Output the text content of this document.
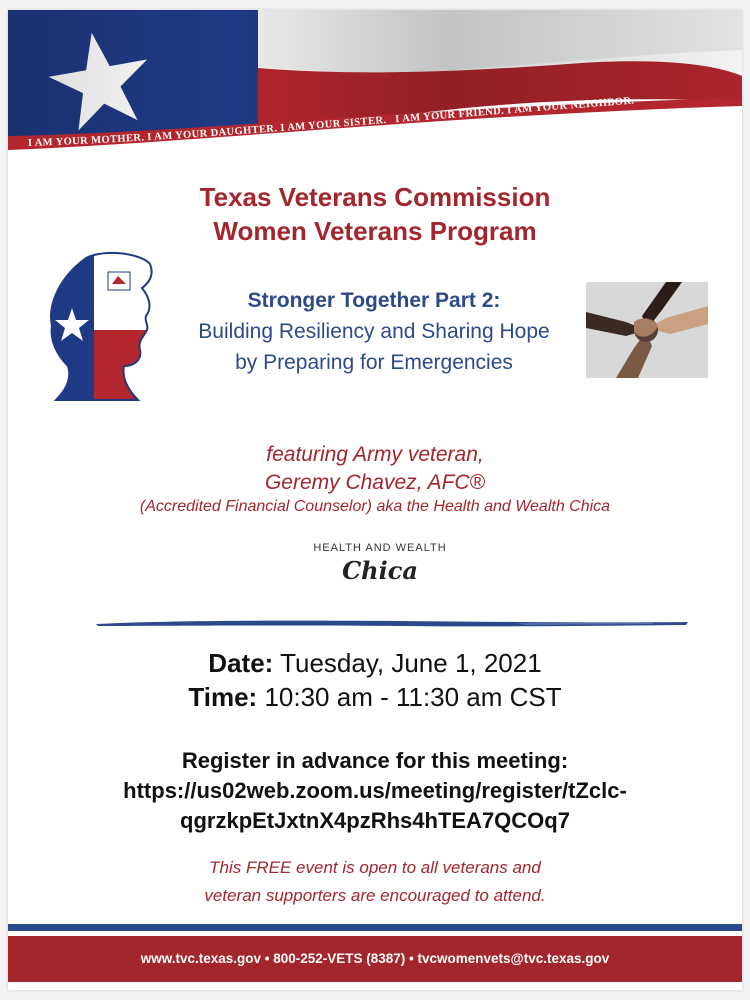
I AM YOUR MOTHER. I AM YOUR DAUGHTER. I AM YOUR SISTER. I AM YOUR FRIEND. I AM YOUR NEIGHBOR.
Texas Veterans Commission
Women Veterans Program
Stronger Together Part 2:
Building Resiliency and Sharing Hope
by Preparing for Emergencies
featuring Army veteran,
Geremy Chavez, AFC®
(Accredited Financial Counselor) aka the Health and Wealth Chica
HEALTH AND WEALTH
Chica
Date: Tuesday, June 1, 2021
Time: 10:30 am - 11:30 am CST
Register in advance for this meeting:
https://us02web.zoom.us/meeting/register/tZclc-
qgrzkpEtJxtnX4pzRhs4hTEA7QCOq7
This FREE event is open to all veterans and
veteran supporters are encouraged to attend.
www.tvc.texas.gov • 800-252-VETS (8387) • tvcwomenvets@tvc.texas.gov
